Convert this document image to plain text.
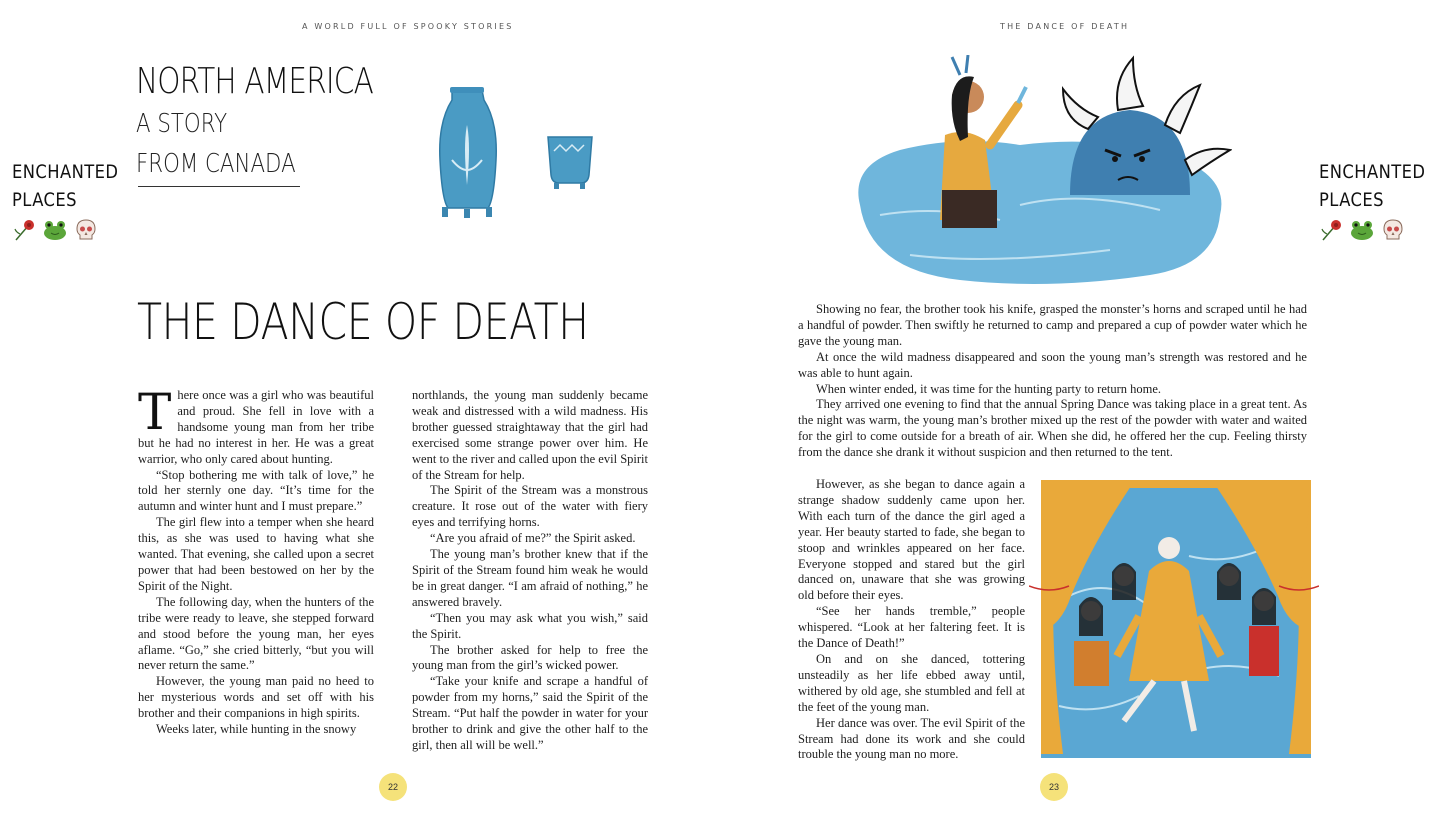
A WORLD FULL OF SPOOKY STORIES
NORTH AMERICA
A STORY
FROM CANADA
ENCHANTED
PLACES
THE DANCE OF DEATH

There once was a girl who was beautiful and proud. She fell in love with a handsome young man from her tribe but he had no interest in her. He was a great warrior, who only cared about hunting.

“Stop bothering me with talk of love,” he told her sternly one day. “It’s time for the autumn and winter hunt and I must prepare.”

The girl flew into a temper when she heard this, as she was used to having what she wanted. That evening, she called upon a secret power that had been bestowed on her by the Spirit of the Night.

The following day, when the hunters of the tribe were ready to leave, she stepped forward and stood before the young man, her eyes aflame. “Go,” she cried bitterly, “but you will never return the same.”

However, the young man paid no heed to her mysterious words and set off with his brother and their companions in high spirits.

Weeks later, while hunting in the snowy

northlands, the young man suddenly became weak and distressed with a wild madness. His brother guessed straightaway that the girl had exercised some strange power over him. He went to the river and called upon the evil Spirit of the Stream for help.

The Spirit of the Stream was a monstrous creature. It rose out of the water with fiery eyes and terrifying horns.

“Are you afraid of me?” the Spirit asked.

The young man’s brother knew that if the Spirit of the Stream found him weak he would be in great danger. “I am afraid of nothing,” he answered bravely.

“Then you may ask what you wish,” said the Spirit.

The brother asked for help to free the young man from the girl’s wicked power.

“Take your knife and scrape a handful of powder from my horns,” said the Spirit of the Stream. “Put half the powder in water for your brother to drink and give the other half to the girl, then all will be well.”

22
THE DANCE OF DEATH
ENCHANTED
PLACES

Showing no fear, the brother took his knife, grasped the monster’s horns and scraped until he had a handful of powder. Then swiftly he returned to camp and prepared a cup of powder water which he gave the young man.

At once the wild madness disappeared and soon the young man’s strength was restored and he was able to hunt again.

When winter ended, it was time for the hunting party to return home.

They arrived one evening to find that the annual Spring Dance was taking place in a great tent. As the night was warm, the young man’s brother mixed up the rest of the powder with water and waited for the girl to come outside for a breath of air. When she did, he offered her the cup. Feeling thirsty from the dance she drank it without suspicion and then returned to the tent.

However, as she began to dance again a strange shadow suddenly came upon her. With each turn of the dance the girl aged a year. Her beauty started to fade, she began to stoop and wrinkles appeared on her face. Everyone stopped and stared but the girl danced on, unaware that she was growing old before their eyes.

“See her hands tremble,” people whispered. “Look at her faltering feet. It is the Dance of Death!”

On and on she danced, tottering unsteadily as her life ebbed away until, withered by old age, she stumbled and fell at the feet of the young man.

Her dance was over. The evil Spirit of the Stream had done its work and she could trouble the young man no more.

23
